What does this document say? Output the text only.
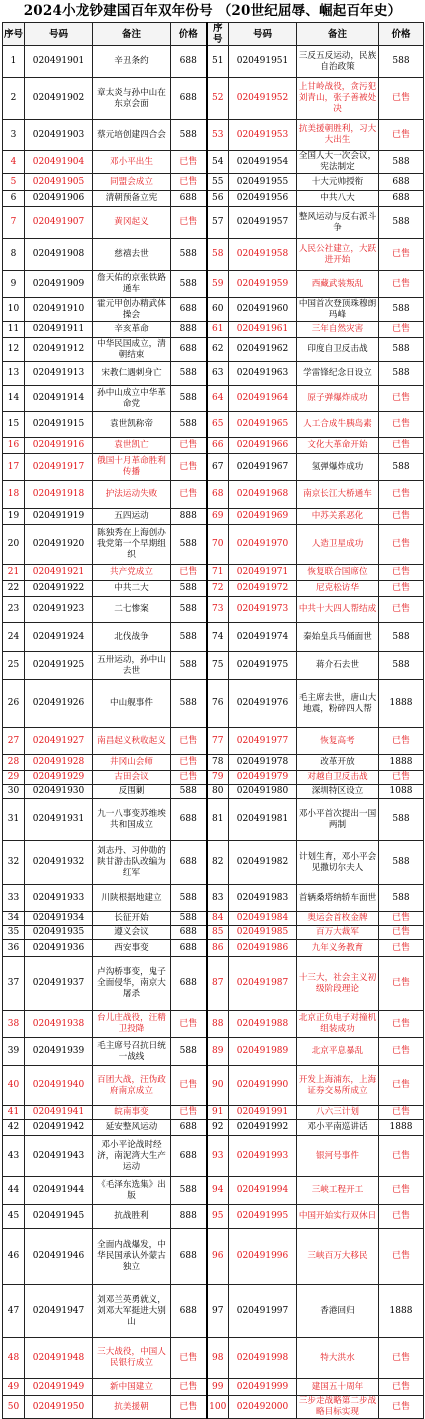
2024小龙钞建国百年双年份号 （20世纪屈辱、崛起百年史）
序号	号码	备注	价格	序号	号码	备注	价格
1	020491901	辛丑条约	688	51	020491951	三反五反运动，民族自治政策	588
2	020491902	章太炎与孙中山在东京会面	688	52	020491952	上甘岭战役，贪污犯刘青山，张子善被处决	已售
3	020491903	蔡元培创建四合会	588	53	020491953	抗美援朝胜利，习大大出生	已售
4	020491904	邓小平出生	已售	54	020491954	全国人大一次会议，宪法制定	588
5	020491905	同盟会成立	已售	55	020491955	十大元帅授衔	688
6	020491906	清朝预备立宪	688	56	020491956	中共八大	688
7	020491907	黄冈起义	已售	57	020491957	整风运动与反右派斗争	588
8	020491908	慈禧去世	588	58	020491958	人民公社建立，大跃进开始	已售
9	020491909	詹天佑的京张铁路通车	588	59	020491959	西藏武装叛乱	已售
10	020491910	霍元甲创办精武体操会	688	60	020491960	中国首次登顶珠穆朗玛峰	588
11	020491911	辛亥革命	888	61	020491961	三年自然灾害	已售
12	020491912	中华民国成立，清朝结束	688	62	020491962	印度自卫反击战	588
13	020491913	宋教仁遇刺身亡	588	63	020491963	学雷锋纪念日设立	588
14	020491914	孙中山成立中华革命党	588	64	020491964	原子弹爆炸成功	已售
15	020491915	袁世凯称帝	588	65	020491965	人工合成牛胰岛素	已售
16	020491916	袁世凯亡	已售	66	020491966	文化大革命开始	已售
17	020491917	俄国十月革命胜利传播	已售	67	020491967	氢弹爆炸成功	588
18	020491918	护法运动失败	已售	68	020491968	南京长江大桥通车	已售
19	020491919	五四运动	888	69	020491969	中苏关系恶化	已售
20	020491920	陈独秀在上海创办我党第一个早期组织	588	70	020491970	人造卫星成功	已售
21	020491921	共产党成立	已售	71	020491971	恢复联合国席位	已售
22	020491922	中共二大	588	72	020491972	尼克松访华	已售
23	020491923	二七惨案	588	73	020491973	中共十大四人帮结成	已售
24	020491924	北伐战争	588	74	020491974	秦始皇兵马俑面世	588
25	020491925	五卅运动，孙中山去世	588	75	020491975	蒋介石去世	588
26	020491926	中山舰事件	588	76	020491976	毛主席去世，唐山大地震，粉碎四人帮	1888
27	020491927	南昌起义秋收起义	已售	77	020491977	恢复高考	已售
28	020491928	井冈山会师	已售	78	020491978	改革开放	1888
29	020491929	古田会议	已售	79	020491979	对越自卫反击战	已售
30	020491930	反围剿	588	80	020491980	深圳特区设立	1088
31	020491931	九一八事变苏维埃共和国成立	688	81	020491981	邓小平首次提出一国两制	588
32	020491932	刘志丹、习仲勋的陕甘游击队改编为红军	688	82	020491982	计划生育，邓小平会见撒切尔夫人	588
33	020491933	川陕根据地建立	588	83	020491983	首辆桑塔纳轿车面世	588
34	020491934	长征开始	588	84	020491984	奥运会首枚金牌	已售
35	020491935	遵义会议	688	85	020491985	百万大裁军	已售
36	020491936	西安事变	688	86	020491986	九年义务教育	已售
37	020491937	卢沟桥事变，鬼子全面侵华，南京大屠杀	688	87	020491987	十三大，社会主义初级阶段理论	已售
38	020491938	台儿庄战役，汪精卫投降	已售	88	020491988	北京正负电子对撞机组装成功	已售
39	020491939	毛主席号召抗日统一战线	588	89	020491989	北京平息暴乱	已售
40	020491940	百团大战，汪伪政府南京成立	已售	90	020491990	开发上海浦东，上海证券交易所成立	已售
41	020491941	皖南事变	已售	91	020491991	八六三计划	已售
42	020491942	延安整风运动	688	92	020491992	邓小平南巡讲话	1888
43	020491943	邓小平论战时经济，南泥湾大生产运动	688	93	020491993	银河号事件	已售
44	020491944	《毛泽东选集》出版	588	94	020491994	三峡工程开工	已售
45	020491945	抗战胜利	888	95	020491995	中国开始实行双休日	已售
46	020491946	全面内战爆发，中华民国承认外蒙古独立	688	96	020491996	三峡百万大移民	已售
47	020491947	刘邓兰英勇就义，刘邓大军挺进大别山	688	97	020491997	香港回归	1888
48	020491948	三大战役，中国人民银行成立	已售	98	020491998	特大洪水	已售
49	020491949	新中国建立	已售	99	020491999	建国五十周年	已售
50	020491950	抗美援朝	已售	100	020492000	三步走战略第二步战略目标实现	已售
